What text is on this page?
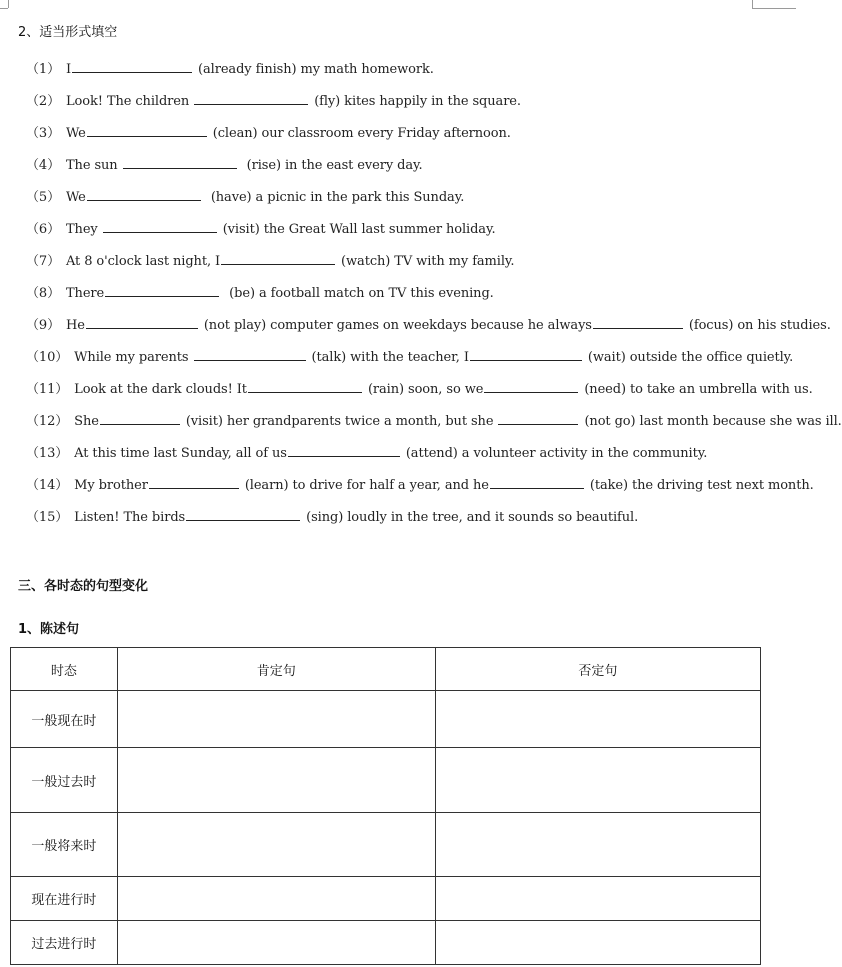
2、适当形式填空
（1） I	(already finish) my math homework.
（2） Look! The children	(fly) kites happily in the square.
（3） We	(clean) our classroom every Friday afternoon.
（4） The sun	(rise) in the east every day.
（5） We	(have) a picnic in the park this Sunday.
（6） They	(visit) the Great Wall last summer holiday.
（7） At 8 o'clock last night, I	(watch) TV with my family.
（8） There	(be) a football match on TV this evening.
（9） He	(not play) computer games on weekdays because he always	(focus) on his studies.
（10） While my parents	(talk) with the teacher, I	(wait) outside the office quietly.
（11） Look at the dark clouds! It	(rain) soon, so we	(need) to take an umbrella with us.
（12） She	(visit) her grandparents twice a month, but she	(not go) last month because she was ill.
（13） At this time last Sunday, all of us	(attend) a volunteer activity in the community.
（14） My brother	(learn) to drive for half a year, and he	(take) the driving test next month.
（15） Listen! The birds	(sing) loudly in the tree, and it sounds so beautiful.
三、各时态的句型变化
1、陈述句
时态	肯定句	否定句
一般现在时		
一般过去时		
一般将来时		
现在进行时		
过去进行时		
